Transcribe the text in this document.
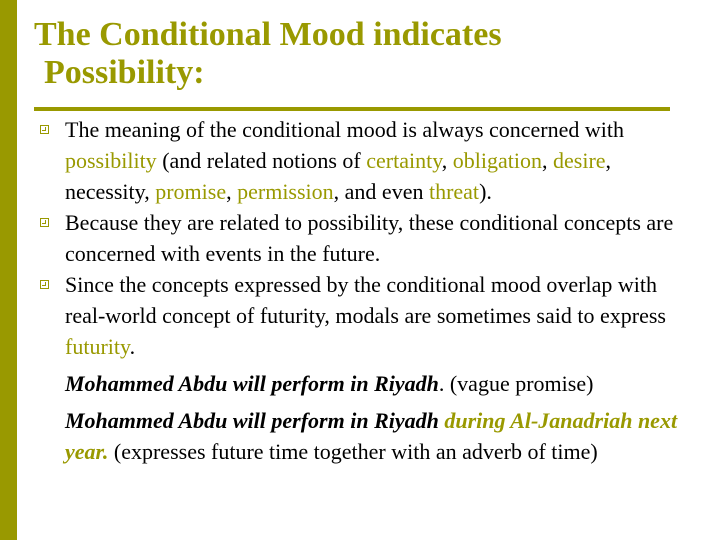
The Conditional Mood indicates
Possibility:
The meaning of the conditional mood is always concerned with possibility (and related notions of certainty, obligation, desire, necessity, promise, permission, and even threat).
Because they are related to possibility, these conditional concepts are concerned with events in the future.
Since the concepts expressed by the conditional mood overlap with real-world concept of futurity, modals are sometimes said to express futurity.
Mohammed Abdu will perform in Riyadh. (vague promise)
Mohammed Abdu will perform in Riyadh during Al-Janadriah next year. (expresses future time together with an adverb of time)
